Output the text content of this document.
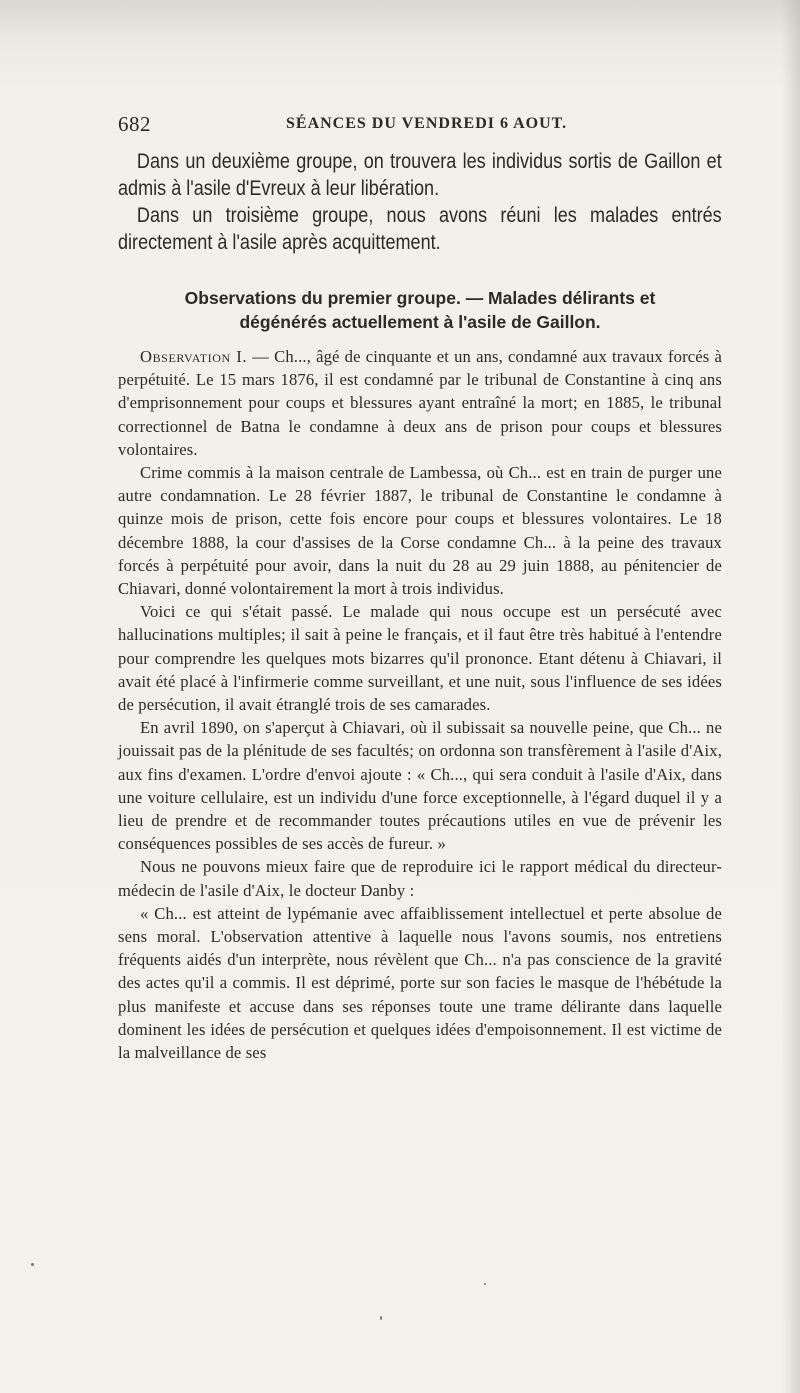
682	SÉANCES DU VENDREDI 6 AOUT.

Dans un deuxième groupe, on trouvera les individus sortis de Gaillon et admis à l'asile d'Evreux à leur libération.

Dans un troisième groupe, nous avons réuni les malades entrés directement à l'asile après acquittement.

Observations du premier groupe. — Malades délirants et
dégénérés actuellement à l'asile de Gaillon.

Observation I. — Ch..., âgé de cinquante et un ans, condamné aux travaux forcés à perpétuité. Le 15 mars 1876, il est condamné par le tribunal de Constantine à cinq ans d'emprisonnement pour coups et blessures ayant entraîné la mort; en 1885, le tribunal correctionnel de Batna le condamne à deux ans de prison pour coups et blessures volontaires.

Crime commis à la maison centrale de Lambessa, où Ch... est en train de purger une autre condamnation. Le 28 février 1887, le tribunal de Constantine le condamne à quinze mois de prison, cette fois encore pour coups et blessures volontaires. Le 18 décembre 1888, la cour d'assises de la Corse condamne Ch... à la peine des travaux forcés à perpétuité pour avoir, dans la nuit du 28 au 29 juin 1888, au pénitencier de Chiavari, donné volontairement la mort à trois individus.

Voici ce qui s'était passé. Le malade qui nous occupe est un persécuté avec hallucinations multiples; il sait à peine le français, et il faut être très habitué à l'entendre pour comprendre les quelques mots bizarres qu'il prononce. Etant détenu à Chiavari, il avait été placé à l'infirmerie comme surveillant, et une nuit, sous l'influence de ses idées de persécution, il avait étranglé trois de ses camarades.

En avril 1890, on s'aperçut à Chiavari, où il subissait sa nouvelle peine, que Ch... ne jouissait pas de la plénitude de ses facultés; on ordonna son transfèrement à l'asile d'Aix, aux fins d'examen. L'ordre d'envoi ajoute : « Ch..., qui sera conduit à l'asile d'Aix, dans une voiture cellulaire, est un individu d'une force exceptionnelle, à l'égard duquel il y a lieu de prendre et de recommander toutes précautions utiles en vue de prévenir les conséquences possibles de ses accès de fureur. »

Nous ne pouvons mieux faire que de reproduire ici le rapport médical du directeur-médecin de l'asile d'Aix, le docteur Danby :

« Ch... est atteint de lypémanie avec affaiblissement intellectuel et perte absolue de sens moral. L'observation attentive à laquelle nous l'avons soumis, nos entretiens fréquents aidés d'un interprète, nous révèlent que Ch... n'a pas conscience de la gravité des actes qu'il a commis. Il est déprimé, porte sur son facies le masque de l'hébétude la plus manifeste et accuse dans ses réponses toute une trame délirante dans laquelle dominent les idées de persécution et quelques idées d'empoisonnement. Il est victime de la malveillance de ses
